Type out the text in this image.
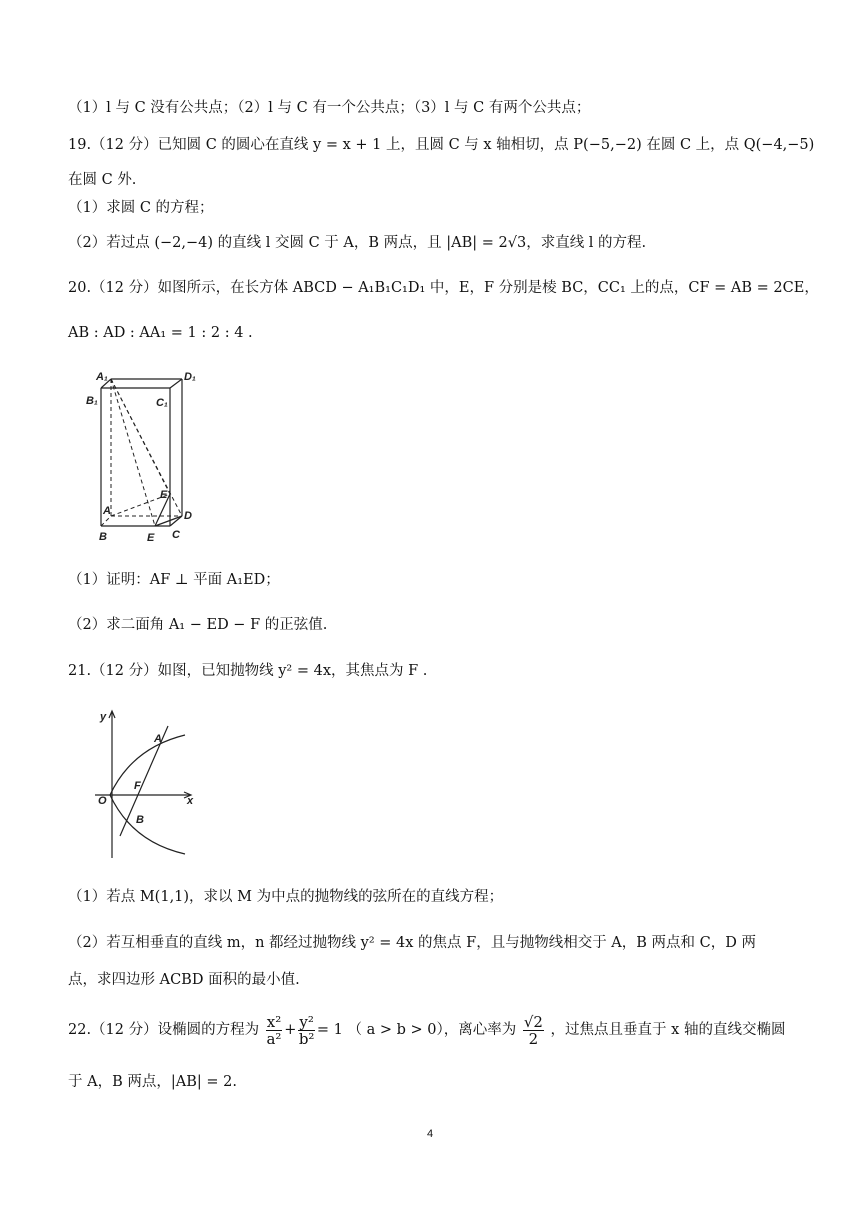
（1）l 与 C 没有公共点；（2）l 与 C 有一个公共点；（3）l 与 C 有两个公共点；
19.（12 分）已知圆 C 的圆心在直线 y = x + 1 上，且圆 C 与 x 轴相切，点 P(−5,−2) 在圆 C 上，点 Q(−4,−5)
在圆 C 外.
（1）求圆 C 的方程；
（2）若过点 (−2,−4) 的直线 l 交圆 C 于 A，B 两点，且 |AB| = 2√3，求直线 l 的方程.
20.（12 分）如图所示，在长方体 ABCD − A₁B₁C₁D₁ 中，E，F 分别是棱 BC，CC₁ 上的点，CF = AB = 2CE，
AB : AD : AA₁ = 1 : 2 : 4 .
A₁	D₁
B₁	C₁
A	D
E
B	E C
（1）证明：AF ⊥ 平面 A₁ED；
（2）求二面角 A₁ − ED − F 的正弦值.
21.（12 分）如图，已知抛物线 y² = 4x，其焦点为 F .
y
x
O
A
F
B
（1）若点 M(1,1)，求以 M 为中点的抛物线的弦所在的直线方程；
（2）若互相垂直的直线 m，n 都经过抛物线 y² = 4x 的焦点 F，且与抛物线相交于 A，B 两点和 C，D 两
点，求四边形 ACBD 面积的最小值.
22.（12 分）设椭圆的方程为 $\frac{\text{x²}}{\text{a²}} + \frac{\text{y²}}{\text{b²}} = 1$ （ a > b > 0），离心率为 $\frac{√2}{2}$ ，过焦点且垂直于 x 轴的直线交椭圆
于 A，B 两点，|AB| = 2.
4
